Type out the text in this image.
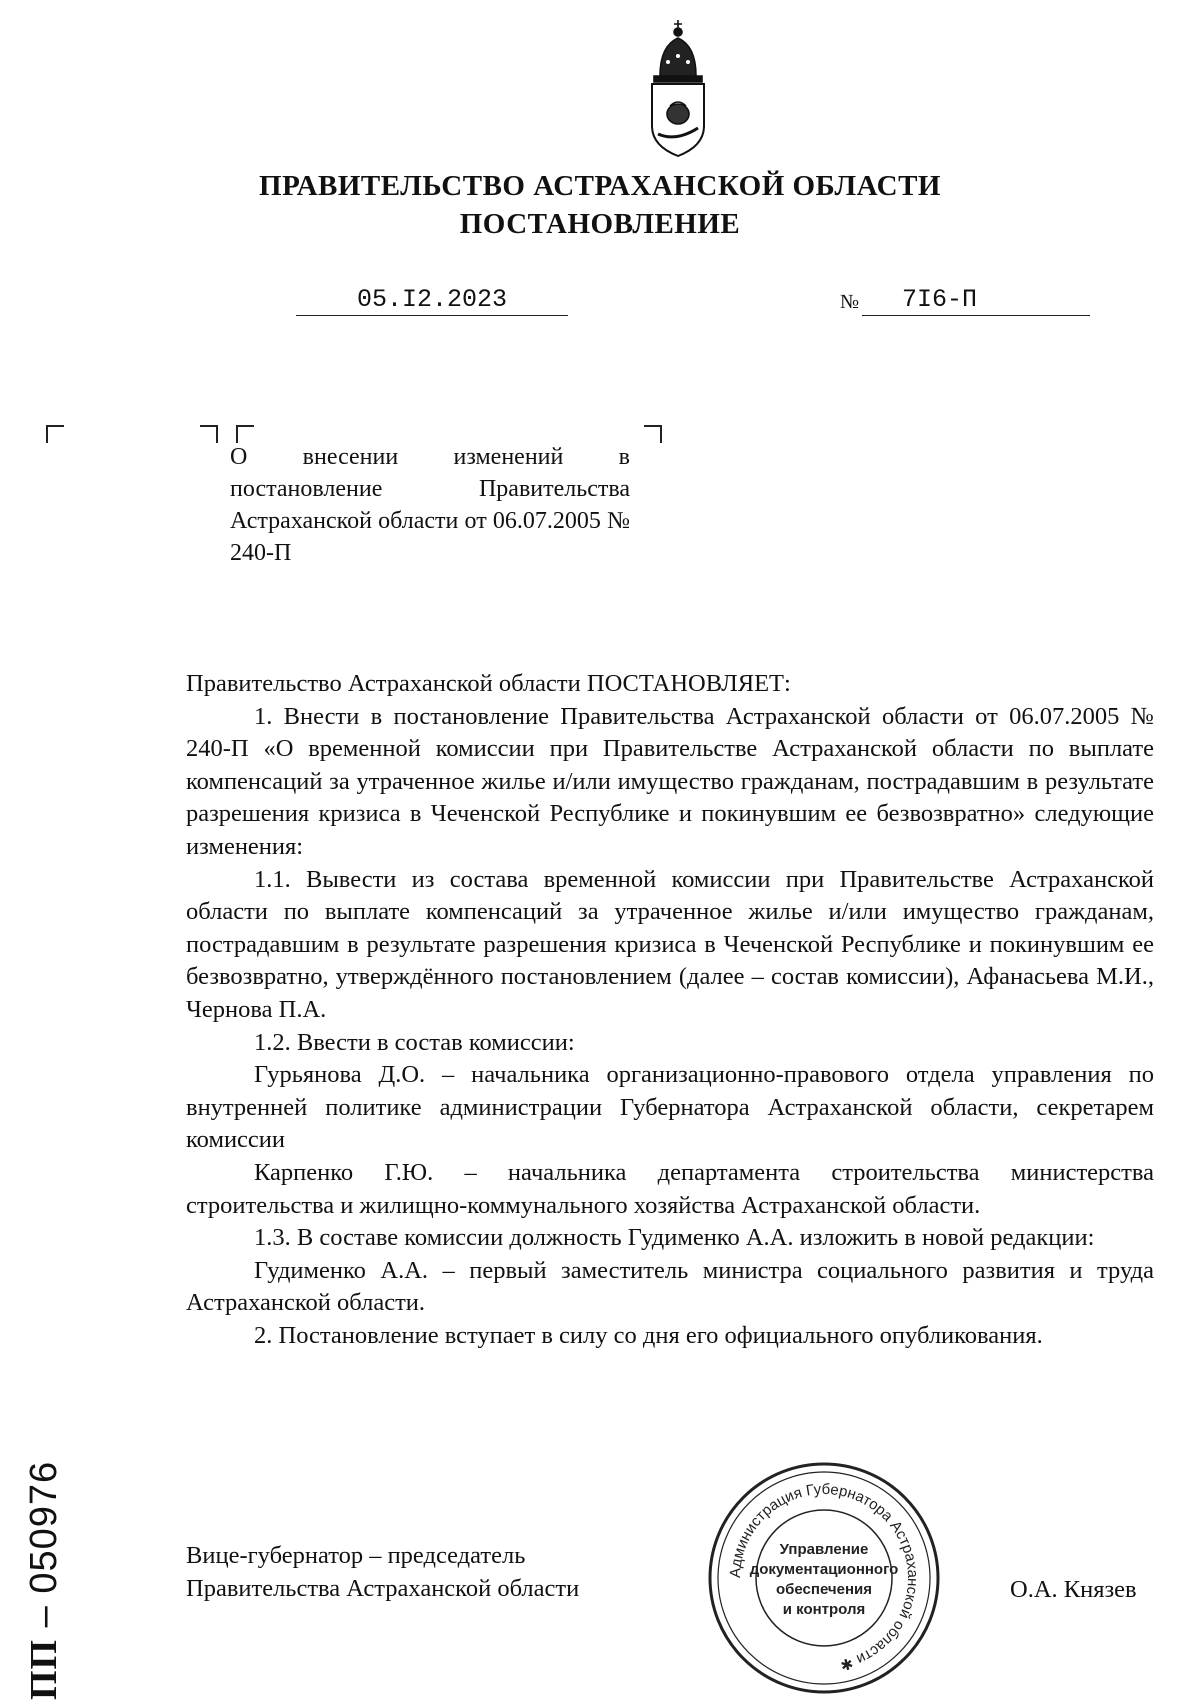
ПРАВИТЕЛЬСТВО АСТРАХАНСКОЙ ОБЛАСТИ
ПОСТАНОВЛЕНИЕ
05.I2.2023	№	7I6-П
О внесении изменений в постановление Правительства Астраханской области от 06.07.2005 № 240-П

Правительство Астраханской области ПОСТАНОВЛЯЕТ:

1. Внести в постановление Правительства Астраханской области от 06.07.2005 № 240-П «О временной комиссии при Правительстве Астраханской области по выплате компенсаций за утраченное жилье и/или имущество гражданам, пострадавшим в результате разрешения кризиса в Чеченской Республике и покинувшим ее безвозвратно» следующие изменения:

1.1. Вывести из состава временной комиссии при Правительстве Астраханской области по выплате компенсаций за утраченное жилье и/или имущество гражданам, пострадавшим в результате разрешения кризиса в Чеченской Республике и покинувшим ее безвозвратно, утверждённого постановлением (далее – состав комиссии), Афанасьева М.И., Чернова П.А.

1.2. Ввести в состав комиссии:

Гурьянова Д.О. – начальника организационно-правового отдела управления по внутренней политике администрации Губернатора Астраханской области, секретарем комиссии

Карпенко Г.Ю. – начальника департамента строительства министерства строительства и жилищно-коммунального хозяйства Астраханской области.

1.3. В составе комиссии должность Гудименко А.А. изложить в новой редакции:

Гудименко А.А. – первый заместитель министра социального развития и труда Астраханской области.

2. Постановление вступает в силу со дня его официального опубликования.

Вице-губернатор – председатель
Правительства Астраханской области	О.А. Князев
Администрация Губернатора Астраханской области ✱
Управление
документационного
обеспечения
и контроля
ПП – 050976
